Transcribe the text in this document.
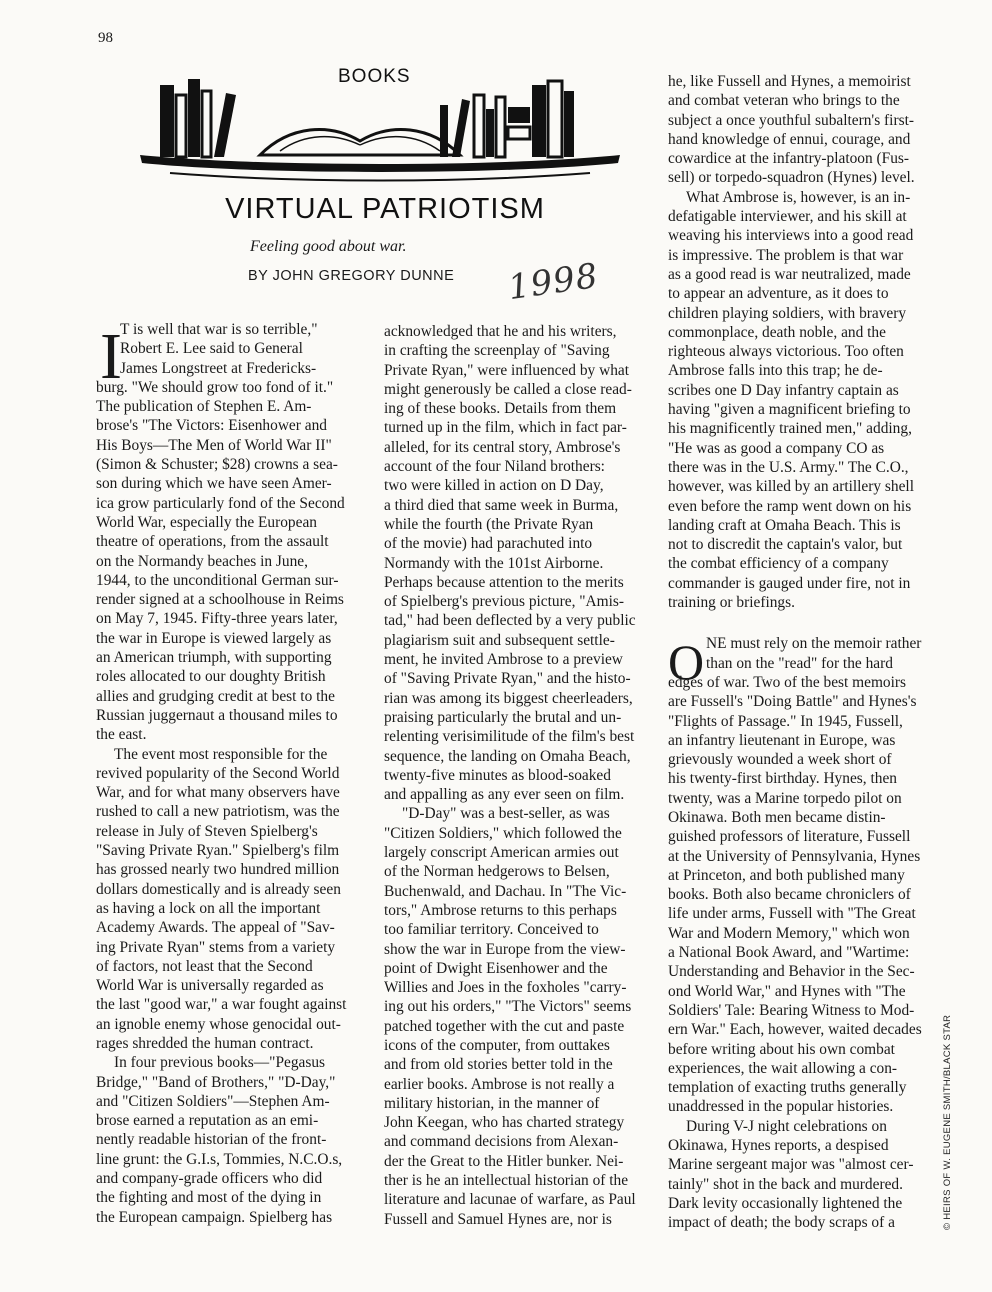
98
BOOKS
VIRTUAL PATRIOTISM
Feeling good about war.
BY JOHN GREGORY DUNNE 1998
I
O
T is well that war is so terrible,"
Robert E. Lee said to General
James Longstreet at Fredericks-
burg. "We should grow too fond of it."
The publication of Stephen E. Am-
brose's "The Victors: Eisenhower and
His Boys—The Men of World War II"
(Simon & Schuster; $28) crowns a sea-
son during which we have seen Amer-
ica grow particularly fond of the Second
World War, especially the European
theatre of operations, from the assault
on the Normandy beaches in June,
1944, to the unconditional German sur-
render signed at a schoolhouse in Reims
on May 7, 1945. Fifty-three years later,
the war in Europe is viewed largely as
an American triumph, with supporting
roles allocated to our doughty British
allies and grudging credit at best to the
Russian juggernaut a thousand miles to
the east.
The event most responsible for the
revived popularity of the Second World
War, and for what many observers have
rushed to call a new patriotism, was the
release in July of Steven Spielberg's
"Saving Private Ryan." Spielberg's film
has grossed nearly two hundred million
dollars domestically and is already seen
as having a lock on all the important
Academy Awards. The appeal of "Sav-
ing Private Ryan" stems from a variety
of factors, not least that the Second
World War is universally regarded as
the last "good war," a war fought against
an ignoble enemy whose genocidal out-
rages shredded the human contract.
In four previous books—"Pegasus
Bridge," "Band of Brothers," "D-Day,"
and "Citizen Soldiers"—Stephen Am-
brose earned a reputation as an emi-
nently readable historian of the front-
line grunt: the G.I.s, Tommies, N.C.O.s,
and company-grade officers who did
the fighting and most of the dying in
the European campaign. Spielberg has
acknowledged that he and his writers,
in crafting the screenplay of "Saving
Private Ryan," were influenced by what
might generously be called a close read-
ing of these books. Details from them
turned up in the film, which in fact par-
alleled, for its central story, Ambrose's
account of the four Niland brothers:
two were killed in action on D Day,
a third died that same week in Burma,
while the fourth (the Private Ryan
of the movie) had parachuted into
Normandy with the 101st Airborne.
Perhaps because attention to the merits
of Spielberg's previous picture, "Amis-
tad," had been deflected by a very public
plagiarism suit and subsequent settle-
ment, he invited Ambrose to a preview
of "Saving Private Ryan," and the histo-
rian was among its biggest cheerleaders,
praising particularly the brutal and un-
relenting verisimilitude of the film's best
sequence, the landing on Omaha Beach,
twenty-five minutes as blood-soaked
and appalling as any ever seen on film.
"D-Day" was a best-seller, as was
"Citizen Soldiers," which followed the
largely conscript American armies out
of the Norman hedgerows to Belsen,
Buchenwald, and Dachau. In "The Vic-
tors," Ambrose returns to this perhaps
too familiar territory. Conceived to
show the war in Europe from the view-
point of Dwight Eisenhower and the
Willies and Joes in the foxholes "carry-
ing out his orders," "The Victors" seems
patched together with the cut and paste
icons of the computer, from outtakes
and from old stories better told in the
earlier books. Ambrose is not really a
military historian, in the manner of
John Keegan, who has charted strategy
and command decisions from Alexan-
der the Great to the Hitler bunker. Nei-
ther is he an intellectual historian of the
literature and lacunae of warfare, as Paul
Fussell and Samuel Hynes are, nor is
he, like Fussell and Hynes, a memoirist
and combat veteran who brings to the
subject a once youthful subaltern's first-
hand knowledge of ennui, courage, and
cowardice at the infantry-platoon (Fus-
sell) or torpedo-squadron (Hynes) level.
What Ambrose is, however, is an in-
defatigable interviewer, and his skill at
weaving his interviews into a good read
is impressive. The problem is that war
as a good read is war neutralized, made
to appear an adventure, as it does to
children playing soldiers, with bravery
commonplace, death noble, and the
righteous always victorious. Too often
Ambrose falls into this trap; he de-
scribes one D Day infantry captain as
having "given a magnificent briefing to
his magnificently trained men," adding,
"He was as good a company CO as
there was in the U.S. Army." The C.O.,
however, was killed by an artillery shell
even before the ramp went down on his
landing craft at Omaha Beach. This is
not to discredit the captain's valor, but
the combat efficiency of a company
commander is gauged under fire, not in
training or briefings.
NE must rely on the memoir rather
than on the "read" for the hard
edges of war. Two of the best memoirs
are Fussell's "Doing Battle" and Hynes's
"Flights of Passage." In 1945, Fussell,
an infantry lieutenant in Europe, was
grievously wounded a week short of
his twenty-first birthday. Hynes, then
twenty, was a Marine torpedo pilot on
Okinawa. Both men became distin-
guished professors of literature, Fussell
at the University of Pennsylvania, Hynes
at Princeton, and both published many
books. Both also became chroniclers of
life under arms, Fussell with "The Great
War and Modern Memory," which won
a National Book Award, and "Wartime:
Understanding and Behavior in the Sec-
ond World War," and Hynes with "The
Soldiers' Tale: Bearing Witness to Mod-
ern War." Each, however, waited decades
before writing about his own combat
experiences, the wait allowing a con-
templation of exacting truths generally
unaddressed in the popular histories.
During V-J night celebrations on
Okinawa, Hynes reports, a despised
Marine sergeant major was "almost cer-
tainly" shot in the back and murdered.
Dark levity occasionally lightened the
impact of death; the body scraps of a	© HEIRS OF W. EUGENE SMITH/BLACK STAR
